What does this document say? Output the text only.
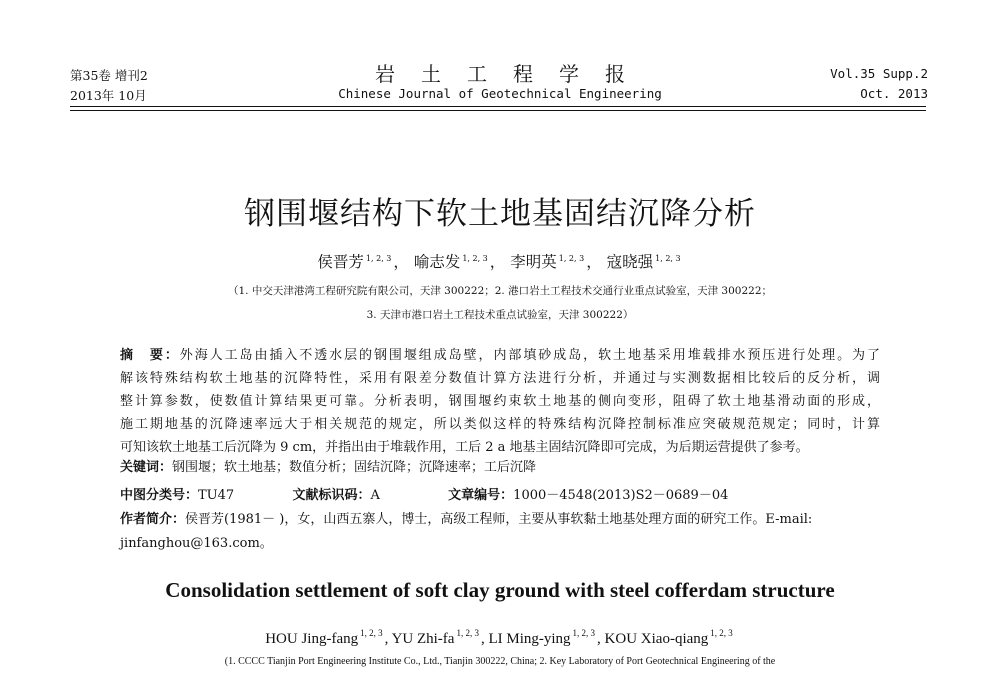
第35卷 增刊2
2013年 10月
岩土工程学报
Chinese Journal of Geotechnical Engineering
Vol.35 Supp.2
Oct. 2013
钢围堰结构下软土地基固结沉降分析
侯晋芳 $^{1, 2, 3}$ ， 喻志发 $^{1, 2, 3}$ ， 李明英 $^{1, 2, 3}$ ， 寇晓强 $^{1, 2, 3}$
（1. 中交天津港湾工程研究院有限公司，天津 300222；2. 港口岩土工程技术交通行业重点试验室，天津 300222；
3. 天津市港口岩土工程技术重点试验室，天津 300222）
摘　要：外海人工岛由插入不透水层的钢围堰组成岛壁，内部填砂成岛，软土地基采用堆载排水预压进行处理。为了
解该特殊结构软土地基的沉降特性，采用有限差分数值计算方法进行分析，并通过与实测数据相比较后的反分析，调
整计算参数，使数值计算结果更可靠。分析表明，钢围堰约束软土地基的侧向变形，阻碍了软土地基滑动面的形成，
施工期地基的沉降速率远大于相关规范的规定，所以类似这样的特殊结构沉降控制标准应突破规范规定；同时，计算
可知该软土地基工后沉降为 9 cm，并指出由于堆载作用，工后 2 a 地基主固结沉降即可完成，为后期运营提供了参考。
关键词：钢围堰；软土地基；数值分析；固结沉降；沉降速率；工后沉降
中图分类号：TU47	文献标识码：A	文章编号：1000－4548(2013)S2－0689－04
作者简介：侯晋芳(1981－ )，女，山西五寨人，博士，高级工程师，主要从事软黏土地基处理方面的研究工作。E-mail:
jinfanghou@163.com。
Consolidation settlement of soft clay ground with steel cofferdam structure
HOU Jing-fang $^{1, 2, 3}$ , YU Zhi-fa $^{1, 2, 3}$ , LI Ming-ying $^{1, 2, 3}$ , KOU Xiao-qiang $^{1, 2, 3}$
(1. CCCC Tianjin Port Engineering Institute Co., Ltd., Tianjin 300222, China; 2. Key Laboratory of Port Geotechnical Engineering of the
